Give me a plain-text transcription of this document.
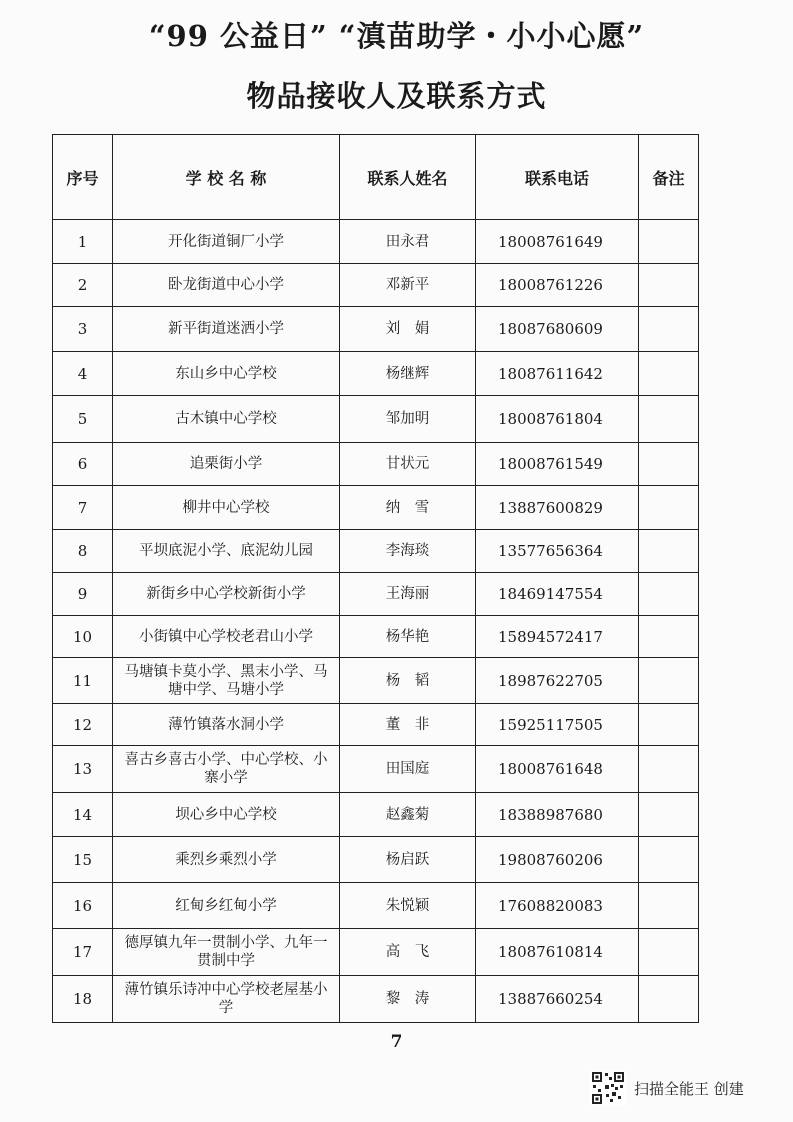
“99 公益日” “滇苗助学・小小心愿”
物品接收人及联系方式
序号	学 校 名 称	联系人姓名	联系电话	备注
1	开化街道铜厂小学	田永君	18008761649	
2	卧龙街道中心小学	邓新平	18008761226	
3	新平街道迷洒小学	刘　娟	18087680609	
4	东山乡中心学校	杨继辉	18087611642	
5	古木镇中心学校	邹加明	18008761804	
6	追栗街小学	甘状元	18008761549	
7	柳井中心学校	纳　雪	13887600829	
8	平坝底泥小学、底泥幼儿园	李海琰	13577656364	
9	新街乡中心学校新街小学	王海丽	18469147554	
10	小街镇中心学校老君山小学	杨华艳	15894572417	
11	马塘镇卡莫小学、黑末小学、马塘中学、马塘小学	杨　韬	18987622705	
12	薄竹镇落水洞小学	董　非	15925117505	
13	喜古乡喜古小学、中心学校、小寨小学	田国庭	18008761648	
14	坝心乡中心学校	赵鑫菊	18388987680	
15	乘烈乡乘烈小学	杨启跃	19808760206	
16	红甸乡红甸小学	朱悦颖	17608820083	
17	德厚镇九年一贯制小学、九年一贯制中学	高　飞	18087610814	
18	薄竹镇乐诗冲中心学校老屋基小学	黎　涛	13887660254	
7
扫描全能王 创建
